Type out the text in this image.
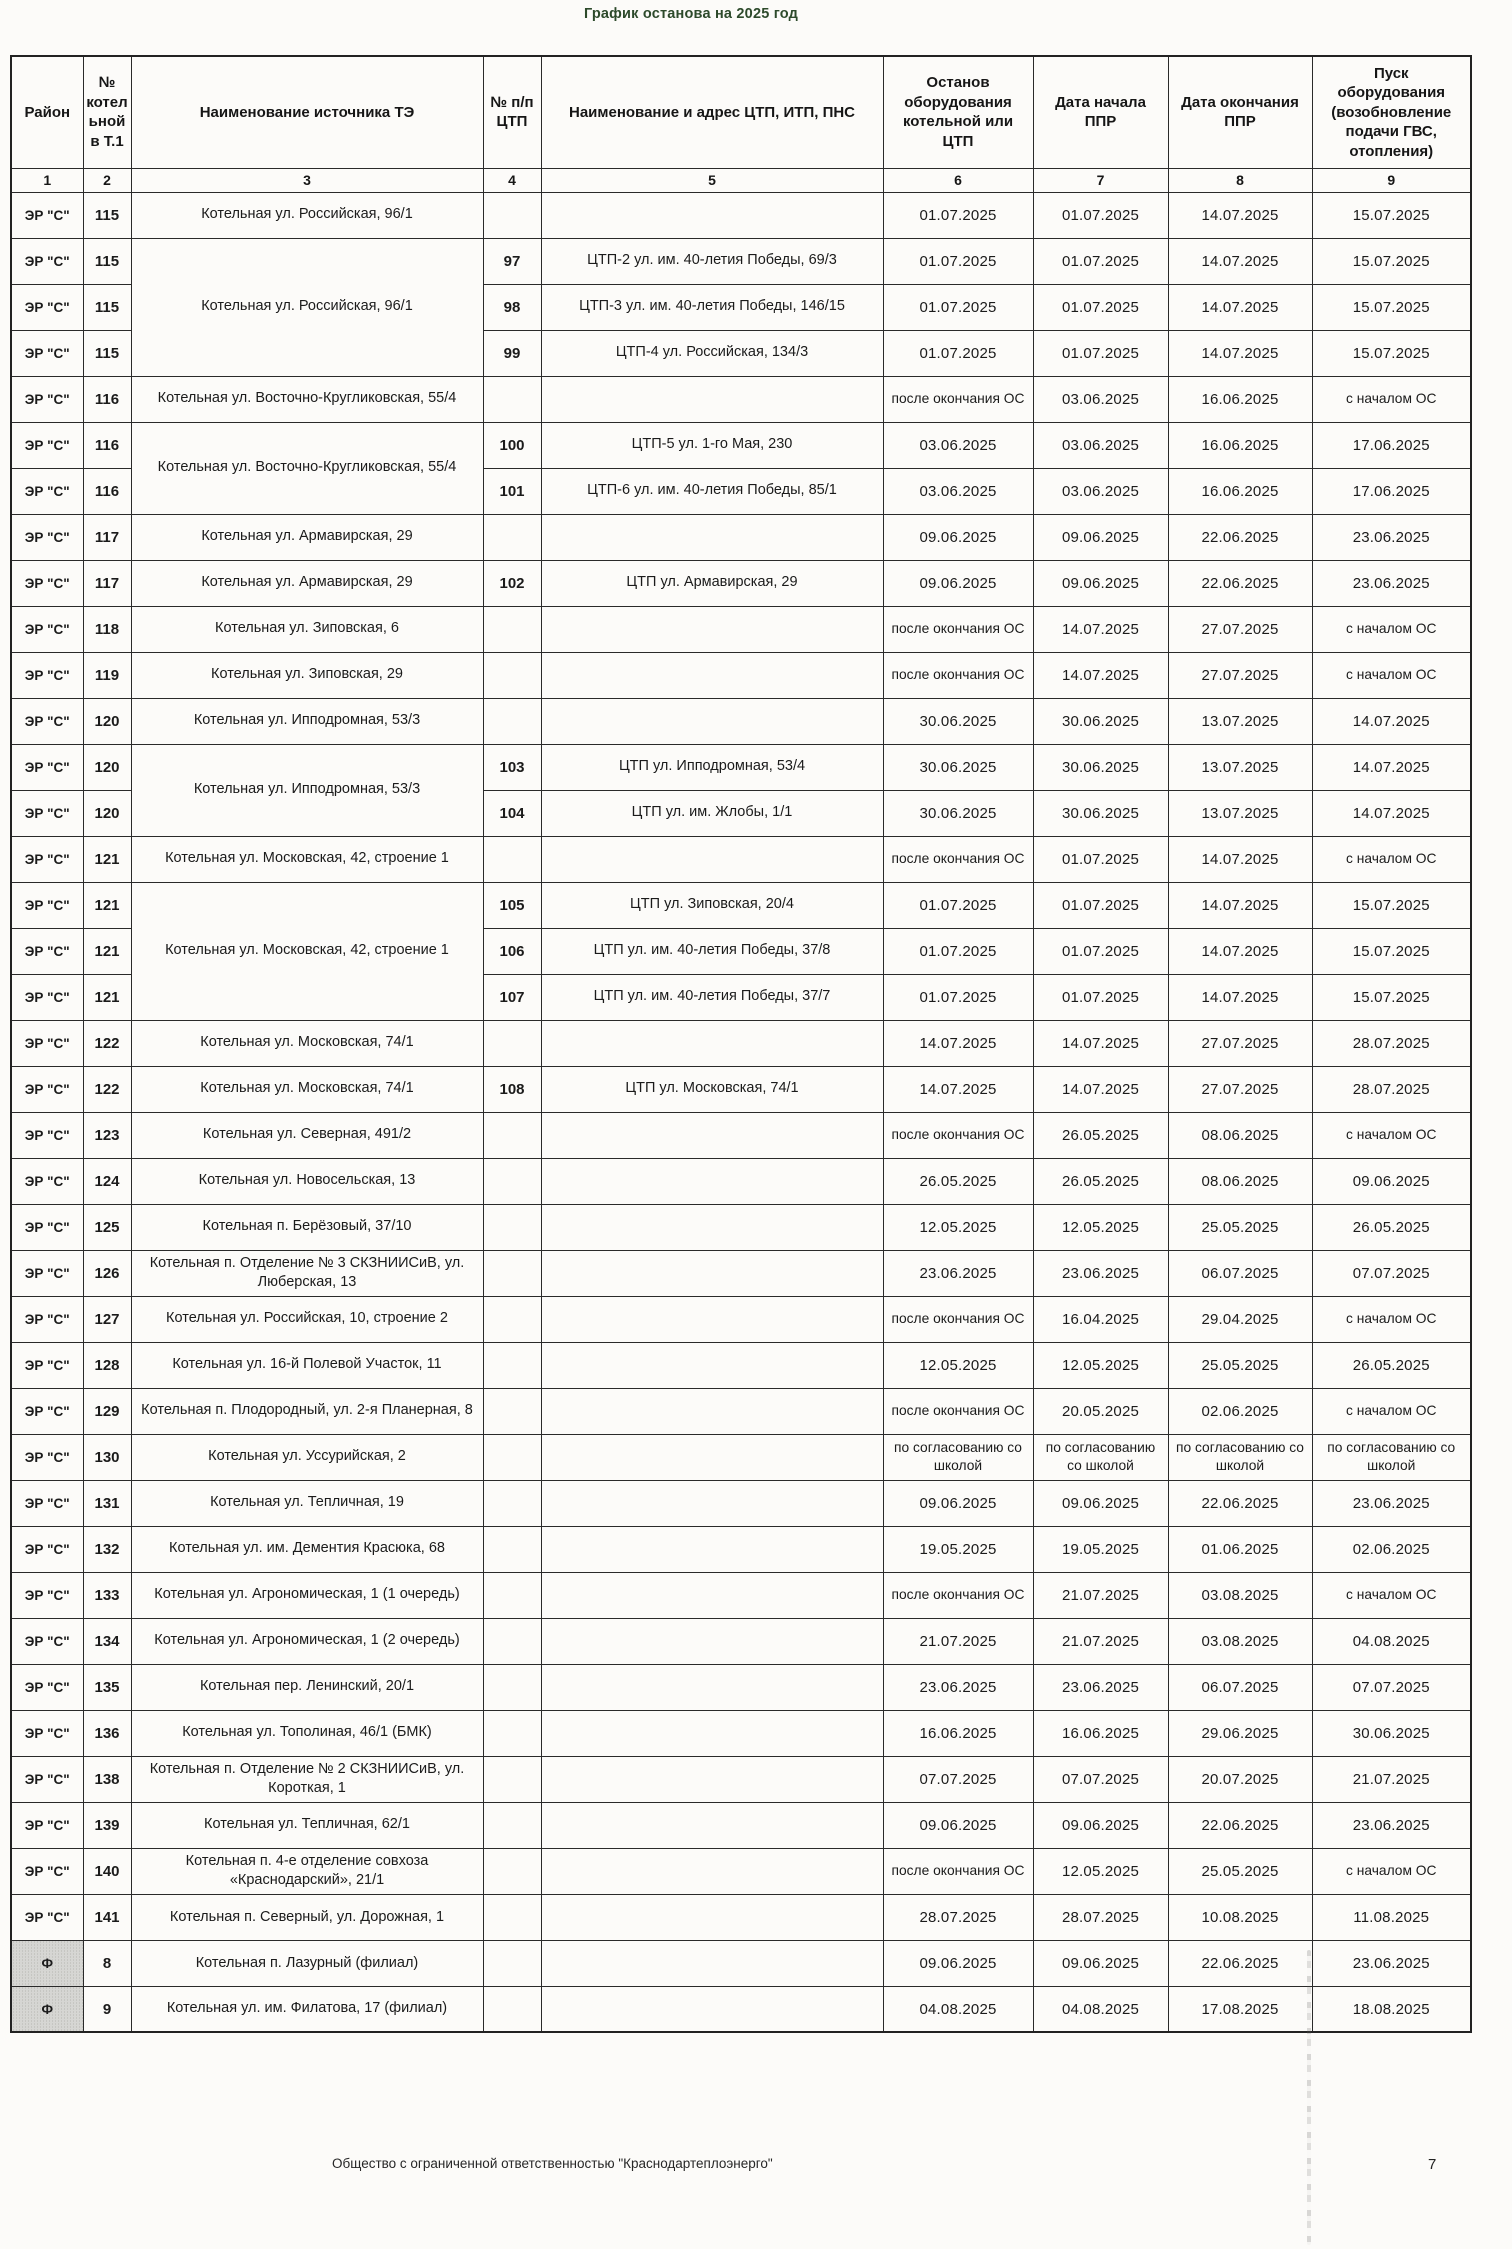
График останова на 2025 год
Район	№ котельной в Т.1	Наименование источника ТЭ	№ п/п ЦТП	Наименование и адрес ЦТП, ИТП, ПНС	Останов оборудования котельной или ЦТП	Дата начала ППР	Дата окончания ППР	Пуск оборудования (возобновление подачи ГВС, отопления)
1	2	3	4	5	6	7	8	9
ЭР "С"	115	Котельная ул. Российская, 96/1			01.07.2025	01.07.2025	14.07.2025	15.07.2025
ЭР "С"	115	Котельная ул. Российская, 96/1	97	ЦТП-2 ул. им. 40-летия Победы, 69/3	01.07.2025	01.07.2025	14.07.2025	15.07.2025
ЭР "С"	115		98	ЦТП-3 ул. им. 40-летия Победы, 146/15	01.07.2025	01.07.2025	14.07.2025	15.07.2025
ЭР "С"	115		99	ЦТП-4 ул. Российская, 134/3	01.07.2025	01.07.2025	14.07.2025	15.07.2025
ЭР "С"	116	Котельная ул. Восточно-Кругликовская, 55/4			после окончания ОС	03.06.2025	16.06.2025	с началом ОС
ЭР "С"	116	Котельная ул. Восточно-Кругликовская, 55/4	100	ЦТП-5 ул. 1-го Мая, 230	03.06.2025	03.06.2025	16.06.2025	17.06.2025
ЭР "С"	116		101	ЦТП-6 ул. им. 40-летия Победы, 85/1	03.06.2025	03.06.2025	16.06.2025	17.06.2025
ЭР "С"	117	Котельная ул. Армавирская, 29			09.06.2025	09.06.2025	22.06.2025	23.06.2025
ЭР "С"	117	Котельная ул. Армавирская, 29	102	ЦТП ул. Армавирская, 29	09.06.2025	09.06.2025	22.06.2025	23.06.2025
ЭР "С"	118	Котельная ул. Зиповская, 6			после окончания ОС	14.07.2025	27.07.2025	с началом ОС
ЭР "С"	119	Котельная ул. Зиповская, 29			после окончания ОС	14.07.2025	27.07.2025	с началом ОС
ЭР "С"	120	Котельная ул. Ипподромная, 53/3			30.06.2025	30.06.2025	13.07.2025	14.07.2025
ЭР "С"	120	Котельная ул. Ипподромная, 53/3	103	ЦТП ул. Ипподромная, 53/4	30.06.2025	30.06.2025	13.07.2025	14.07.2025
ЭР "С"	120		104	ЦТП ул. им. Жлобы, 1/1	30.06.2025	30.06.2025	13.07.2025	14.07.2025
ЭР "С"	121	Котельная ул. Московская, 42, строение 1			после окончания ОС	01.07.2025	14.07.2025	с началом ОС
ЭР "С"	121	Котельная ул. Московская, 42, строение 1	105	ЦТП ул. Зиповская, 20/4	01.07.2025	01.07.2025	14.07.2025	15.07.2025
ЭР "С"	121		106	ЦТП ул. им. 40-летия Победы, 37/8	01.07.2025	01.07.2025	14.07.2025	15.07.2025
ЭР "С"	121		107	ЦТП ул. им. 40-летия Победы, 37/7	01.07.2025	01.07.2025	14.07.2025	15.07.2025
ЭР "С"	122	Котельная ул. Московская, 74/1			14.07.2025	14.07.2025	27.07.2025	28.07.2025
ЭР "С"	122	Котельная ул. Московская, 74/1	108	ЦТП ул. Московская, 74/1	14.07.2025	14.07.2025	27.07.2025	28.07.2025
ЭР "С"	123	Котельная ул. Северная, 491/2			после окончания ОС	26.05.2025	08.06.2025	с началом ОС
ЭР "С"	124	Котельная ул. Новосельская, 13			26.05.2025	26.05.2025	08.06.2025	09.06.2025
ЭР "С"	125	Котельная п. Берёзовый, 37/10			12.05.2025	12.05.2025	25.05.2025	26.05.2025
ЭР "С"	126	Котельная п. Отделение № 3 СКЗНИИСиВ, ул. Люберская, 13			23.06.2025	23.06.2025	06.07.2025	07.07.2025
ЭР "С"	127	Котельная ул. Российская, 10, строение 2			после окончания ОС	16.04.2025	29.04.2025	с началом ОС
ЭР "С"	128	Котельная ул. 16-й Полевой Участок, 11			12.05.2025	12.05.2025	25.05.2025	26.05.2025
ЭР "С"	129	Котельная п. Плодородный, ул. 2-я Планерная, 8			после окончания ОС	20.05.2025	02.06.2025	с началом ОС
ЭР "С"	130	Котельная ул. Уссурийская, 2			по согласованию со школой	по согласованию со школой	по согласованию со школой	по согласованию со школой
ЭР "С"	131	Котельная ул. Тепличная, 19			09.06.2025	09.06.2025	22.06.2025	23.06.2025
ЭР "С"	132	Котельная ул. им. Дементия Красюка, 68			19.05.2025	19.05.2025	01.06.2025	02.06.2025
ЭР "С"	133	Котельная ул. Агрономическая, 1 (1 очередь)			после окончания ОС	21.07.2025	03.08.2025	с началом ОС
ЭР "С"	134	Котельная ул. Агрономическая, 1 (2 очередь)			21.07.2025	21.07.2025	03.08.2025	04.08.2025
ЭР "С"	135	Котельная пер. Ленинский, 20/1			23.06.2025	23.06.2025	06.07.2025	07.07.2025
ЭР "С"	136	Котельная ул. Тополиная, 46/1 (БМК)			16.06.2025	16.06.2025	29.06.2025	30.06.2025
ЭР "С"	138	Котельная п. Отделение № 2 СКЗНИИСиВ, ул. Короткая, 1			07.07.2025	07.07.2025	20.07.2025	21.07.2025
ЭР "С"	139	Котельная ул. Тепличная, 62/1			09.06.2025	09.06.2025	22.06.2025	23.06.2025
ЭР "С"	140	Котельная п. 4-е отделение совхоза «Краснодарский», 21/1			после окончания ОС	12.05.2025	25.05.2025	с началом ОС
ЭР "С"	141	Котельная п. Северный, ул. Дорожная, 1			28.07.2025	28.07.2025	10.08.2025	11.08.2025
Ф	8	Котельная п. Лазурный (филиал)			09.06.2025	09.06.2025	22.06.2025	23.06.2025
Ф	9	Котельная ул. им. Филатова, 17 (филиал)			04.08.2025	04.08.2025	17.08.2025	18.08.2025
Общество с ограниченной ответственностью "Краснодартеплоэнерго"	7
